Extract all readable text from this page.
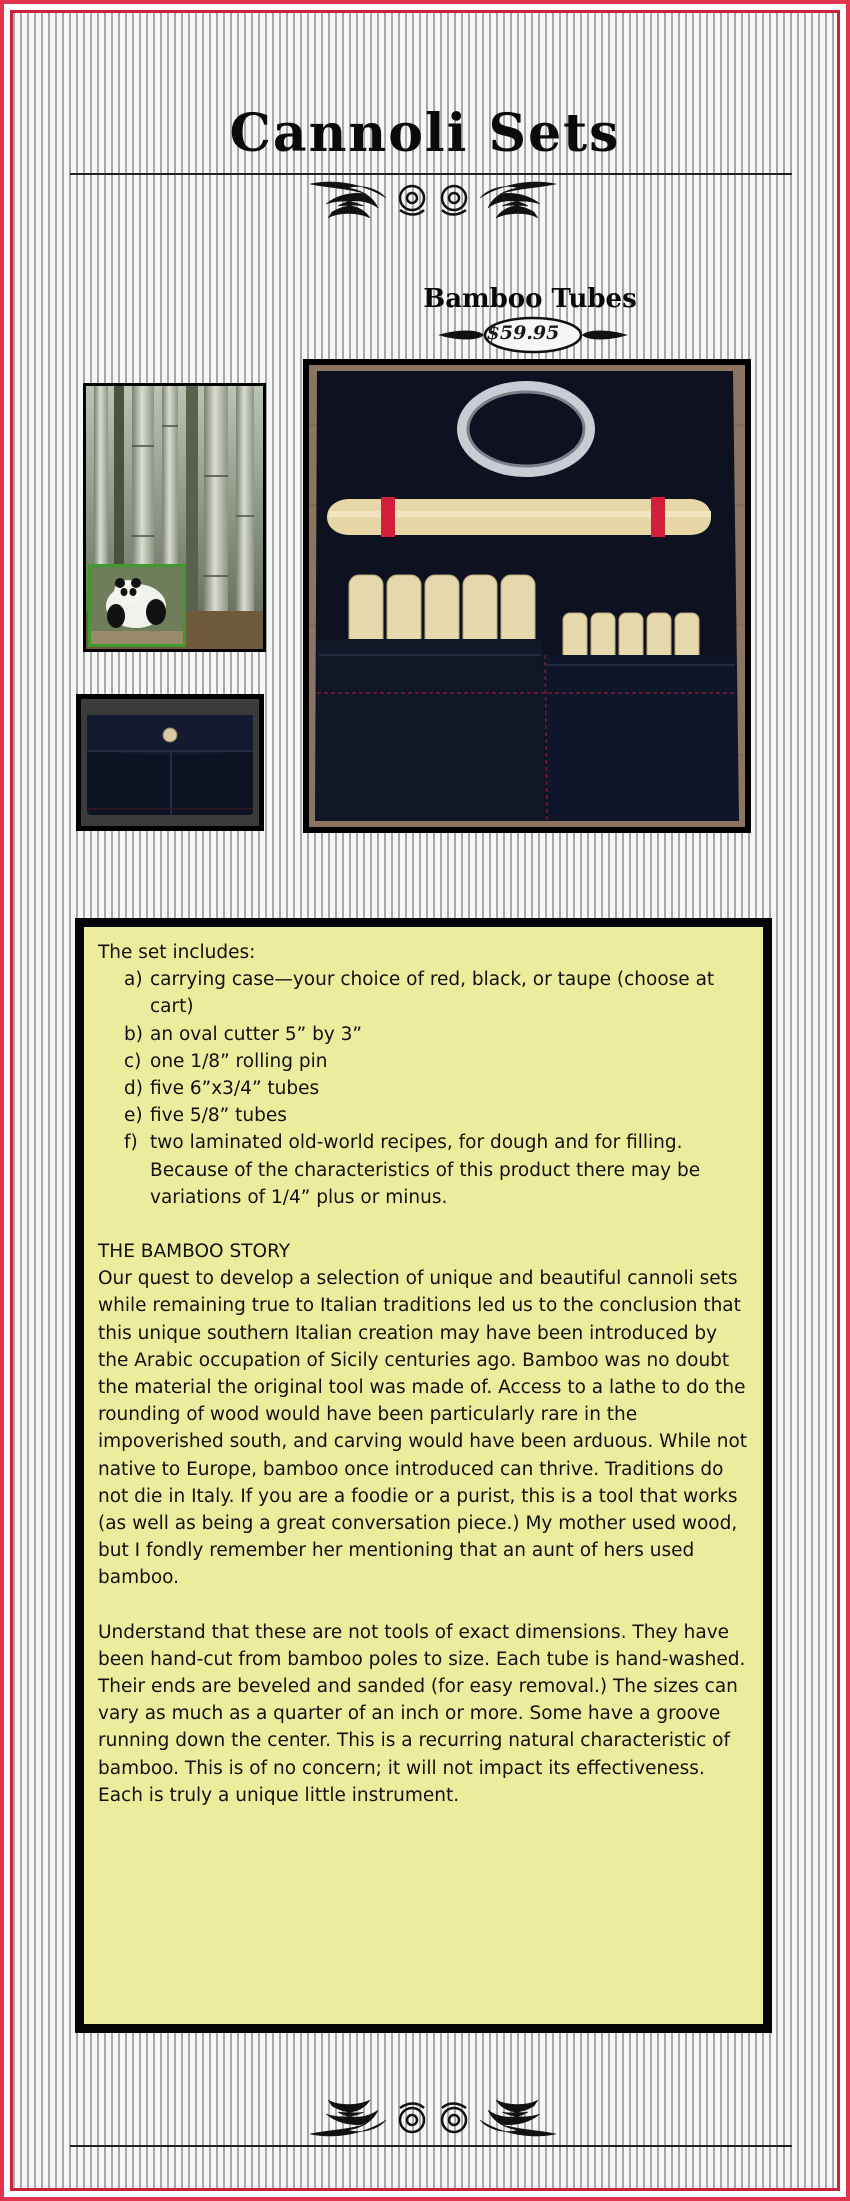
Cannoli Sets
Bamboo Tubes
$59.95

The set includes:

a) carrying case—your choice of red, black, or taupe (choose at cart)
b) an oval cutter 5” by 3”
c) one 1/8” rolling pin
d) five 6”x3/4” tubes
e) five 5/8” tubes
f) two laminated old-world recipes, for dough and for filling. Because of the characteristics of this product there may be variations of 1/4” plus or minus.

THE BAMBOO STORY

Our quest to develop a selection of unique and beautiful cannoli sets while remaining true to Italian traditions led us to the conclusion that this unique southern Italian creation may have been introduced by the Arabic occupation of Sicily centuries ago. Bamboo was no doubt the material the original tool was made of. Access to a lathe to do the rounding of wood would have been particularly rare in the impoverished south, and carving would have been arduous. While not native to Europe, bamboo once introduced can thrive. Traditions do not die in Italy. If you are a foodie or a purist, this is a tool that works (as well as being a great conversation piece.) My mother used wood, but I fondly remember her mentioning that an aunt of hers used bamboo.

Understand that these are not tools of exact dimensions. They have been hand-cut from bamboo poles to size. Each tube is hand-washed. Their ends are beveled and sanded (for easy removal.) The sizes can vary as much as a quarter of an inch or more. Some have a groove running down the center. This is a recurring natural characteristic of bamboo. This is of no concern; it will not impact its effectiveness. Each is truly a unique little instrument.
